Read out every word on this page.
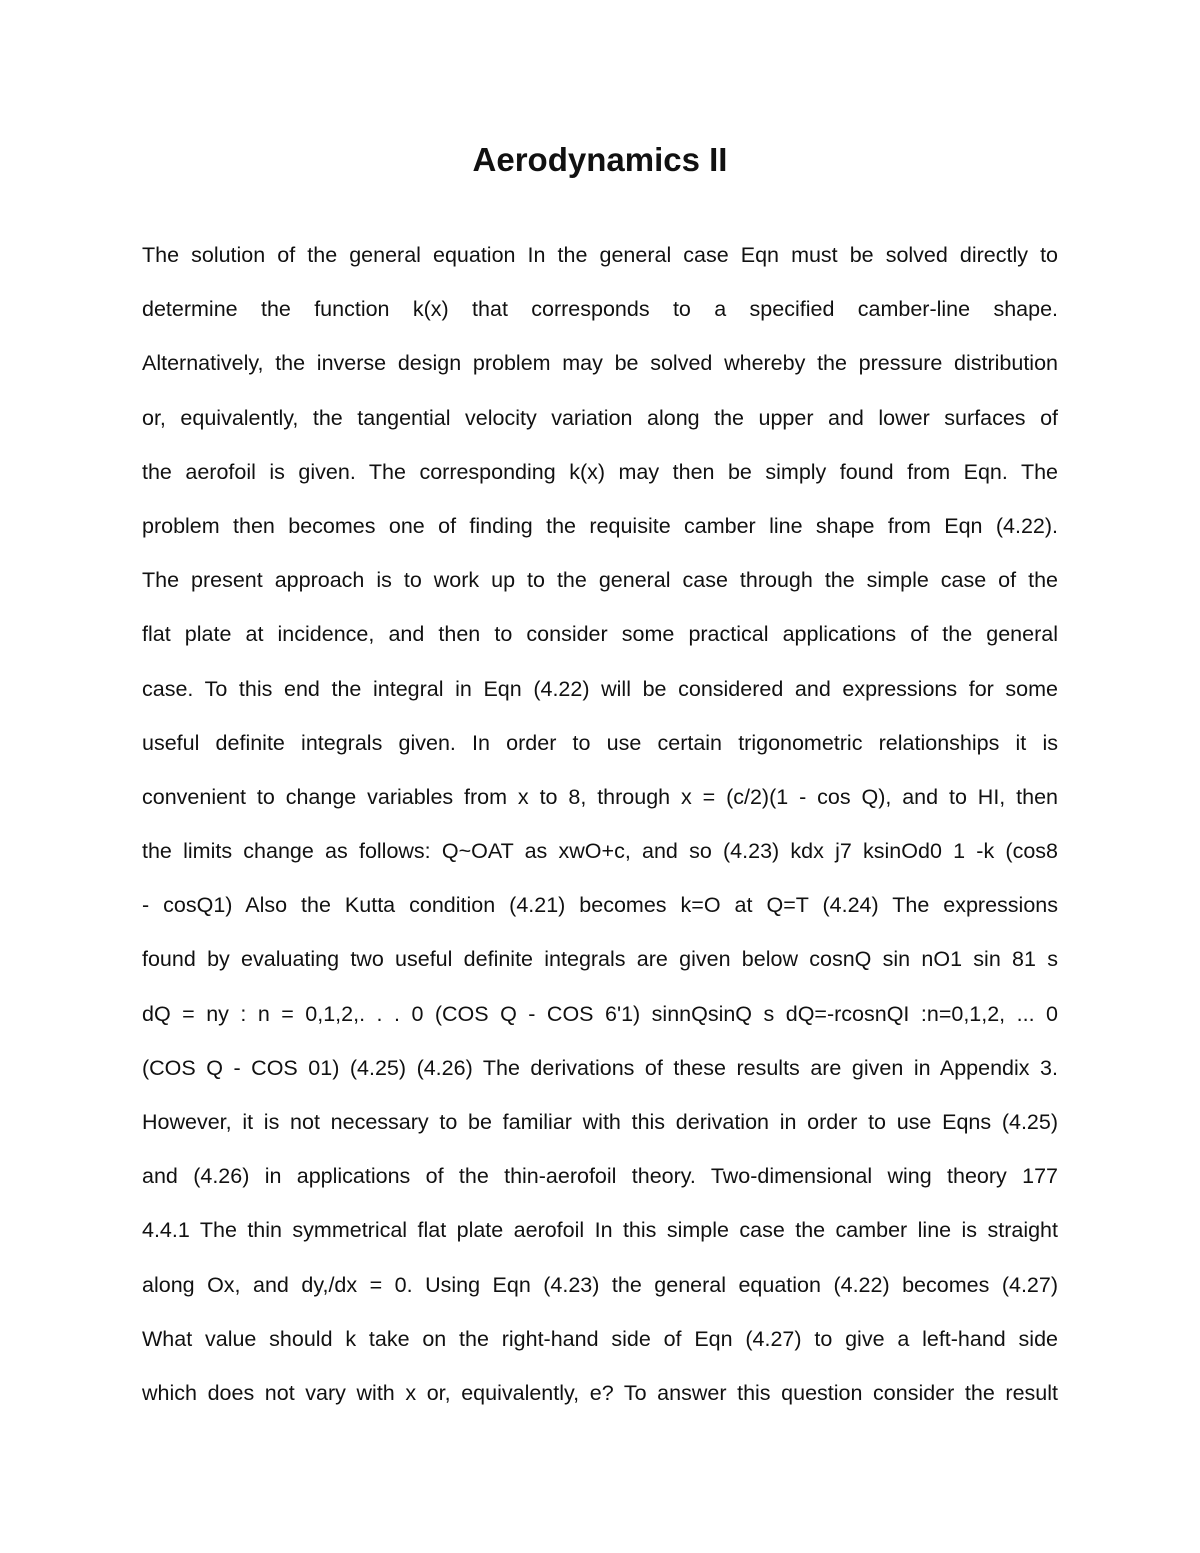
Aerodynamics II
The solution of the general equation In the general case Eqn must be solved directly to
determine the function k(x) that corresponds to a specified camber-line shape.
Alternatively, the inverse design problem may be solved whereby the pressure distribution
or, equivalently, the tangential velocity variation along the upper and lower surfaces of
the aerofoil is given. The corresponding k(x) may then be simply found from Eqn. The
problem then becomes one of finding the requisite camber line shape from Eqn (4.22).
The present approach is to work up to the general case through the simple case of the
flat plate at incidence, and then to consider some practical applications of the general
case. To this end the integral in Eqn (4.22) will be considered and expressions for some
useful definite integrals given. In order to use certain trigonometric relationships it is
convenient to change variables from x to 8, through x = (c/2)(1 - cos Q), and to HI, then
the limits change as follows: Q~OAT as xwO+c, and so (4.23) kdx j7 ksinOd0 1 -k (cos8
- cosQ1) Also the Kutta condition (4.21) becomes k=O at Q=T (4.24) The expressions
found by evaluating two useful definite integrals are given below cosnQ sin nO1 sin 81 s
dQ = ny : n = 0,1,2,. . . 0 (COS Q - COS 6'1) sinnQsinQ s dQ=-rcosnQI :n=0,1,2, ... 0
(COS Q - COS 01) (4.25) (4.26) The derivations of these results are given in Appendix 3.
However, it is not necessary to be familiar with this derivation in order to use Eqns (4.25)
and (4.26) in applications of the thin-aerofoil theory. Two-dimensional wing theory 177
4.4.1 The thin symmetrical flat plate aerofoil In this simple case the camber line is straight
along Ox, and dy,/dx = 0. Using Eqn (4.23) the general equation (4.22) becomes (4.27)
What value should k take on the right-hand side of Eqn (4.27) to give a left-hand side
which does not vary with x or, equivalently, e? To answer this question consider the result
